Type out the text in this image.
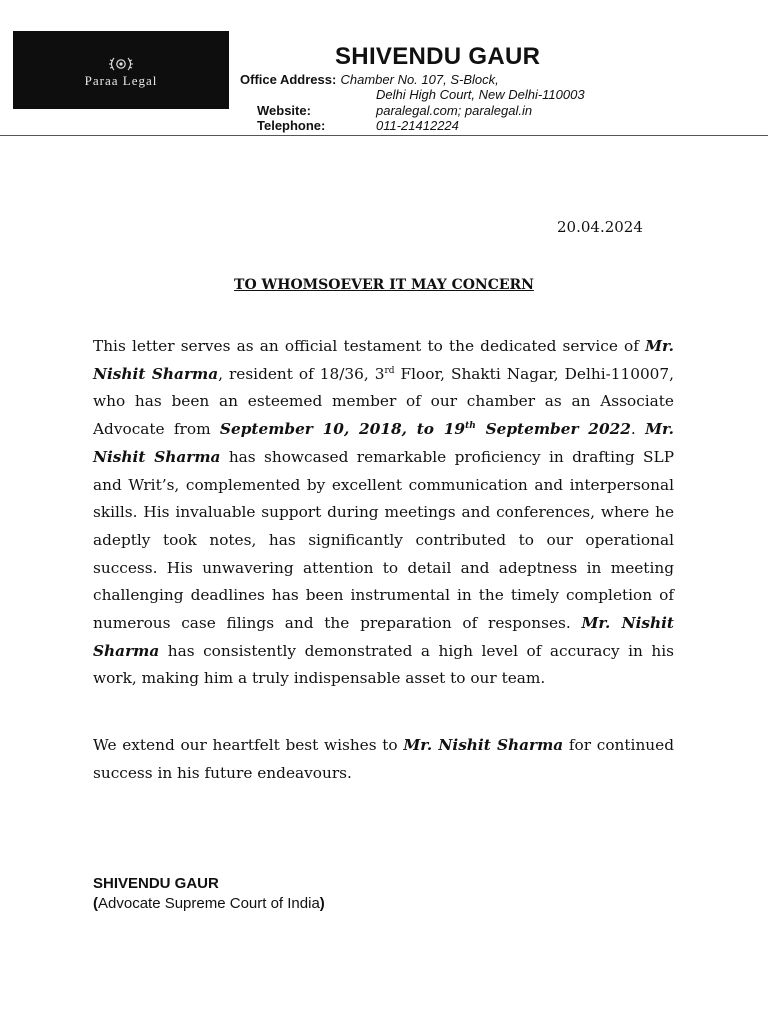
Paraa Legal
SHIVENDU GAUR
Office Address: Chamber No. 107, S-Block,
Delhi High Court, New Delhi-110003
Website:	paralegal.com; paralegal.in
Telephone:	011-21412224
20.04.2024
TO WHOMSOEVER IT MAY CONCERN

This letter serves as an official testament to the dedicated service of Mr. Nishit Sharma, resident of 18/36, 3rd Floor, Shakti Nagar, Delhi-110007, who has been an esteemed member of our chamber as an Associate Advocate from September 10, 2018, to 19th September 2022. Mr. Nishit Sharma has showcased remarkable proficiency in drafting SLP and Writ’s, complemented by excellent communication and interpersonal skills. His invaluable support during meetings and conferences, where he adeptly took notes, has significantly contributed to our operational success. His unwavering attention to detail and adeptness in meeting challenging deadlines has been instrumental in the timely completion of numerous case filings and the preparation of responses. Mr. Nishit Sharma has consistently demonstrated a high level of accuracy in his work, making him a truly indispensable asset to our team.

We extend our heartfelt best wishes to Mr. Nishit Sharma for continued success in his future endeavours.

SHIVENDU GAUR
(Advocate Supreme Court of India)
